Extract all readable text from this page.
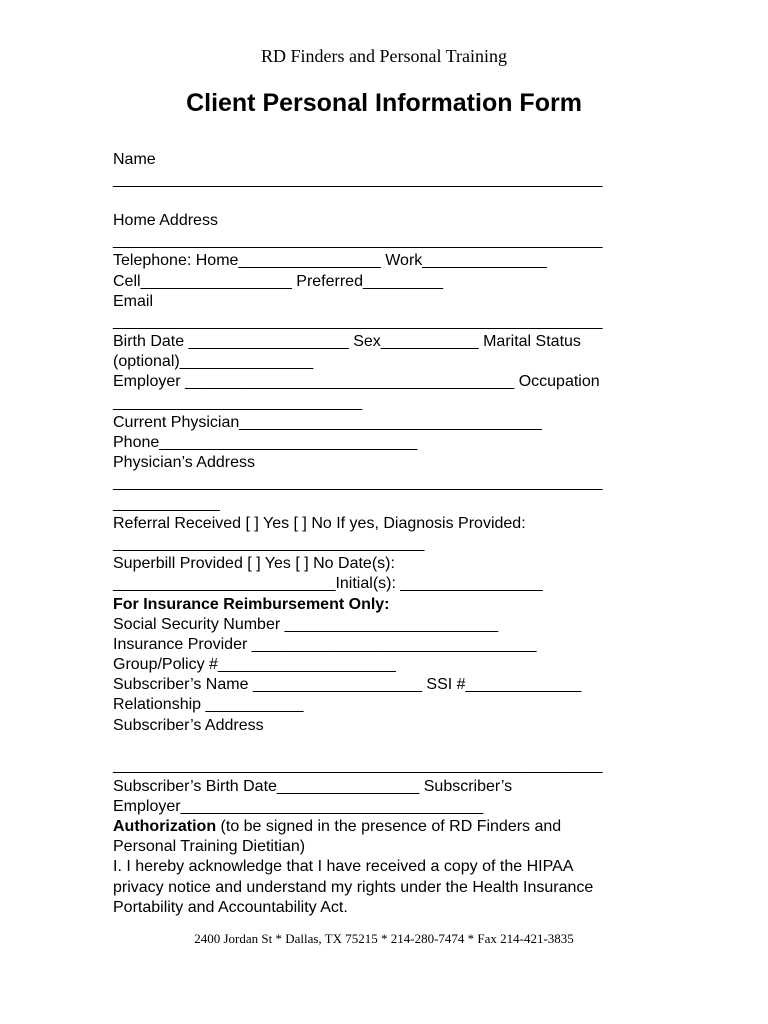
RD Finders and Personal Training
Client Personal Information Form
Name
_______________________________________________________
Home Address
_______________________________________________________
Telephone: Home________________ Work______________
Cell_________________ Preferred_________
Email
_______________________________________________________
Birth Date __________________ Sex___________ Marital Status
(optional)_______________
Employer _____________________________________ Occupation
____________________________
Current Physician__________________________________
Phone_____________________________
Physician’s Address
_______________________________________________________
____________
Referral Received [ ] Yes [ ] No If yes, Diagnosis Provided:
___________________________________
Superbill Provided [ ] Yes [ ] No Date(s):
_________________________Initial(s): ________________
For Insurance Reimbursement Only:
Social Security Number ________________________
Insurance Provider ________________________________
Group/Policy #____________________
Subscriber’s Name ___________________ SSI #_____________
Relationship ___________
Subscriber’s Address
_______________________________________________________
Subscriber’s Birth Date________________ Subscriber’s
Employer__________________________________
Authorization (to be signed in the presence of RD Finders and
Personal Training Dietitian)
I. I hereby acknowledge that I have received a copy of the HIPAA
privacy notice and understand my rights under the Health Insurance
Portability and Accountability Act.
2400 Jordan St * Dallas, TX 75215 * 214-280-7474 * Fax 214-421-3835
